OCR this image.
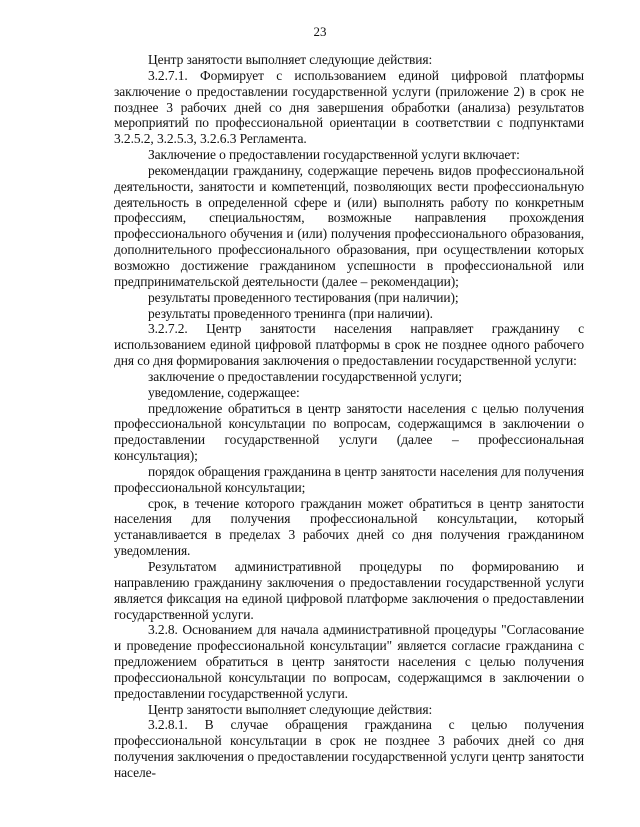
23

Центр занятости выполняет следующие действия:

3.2.7.1. Формирует с использованием единой цифровой платформы заключение о предоставлении государственной услуги (приложение 2) в срок не позднее 3 рабочих дней со дня завершения обработки (анализа) результатов мероприятий по профессиональной ориентации в соответствии с подпунктами 3.2.5.2, 3.2.5.3, 3.2.6.3 Регламента.

Заключение о предоставлении государственной услуги включает:

рекомендации гражданину, содержащие перечень видов профессиональной деятельности, занятости и компетенций, позволяющих вести профессиональную деятельность в определенной сфере и (или) выполнять работу по конкретным профессиям, специальностям, возможные направления прохождения профессионального обучения и (или) получения профессионального образования, дополнительного профессионального образования, при осуществлении которых возможно достижение гражданином успешности в профессиональной или предпринимательской деятельности (далее – рекомендации);

результаты проведенного тестирования (при наличии);

результаты проведенного тренинга (при наличии).

3.2.7.2. Центр занятости населения направляет гражданину с использованием единой цифровой платформы в срок не позднее одного рабочего дня со дня формирования заключения о предоставлении государственной услуги:

заключение о предоставлении государственной услуги;

уведомление, содержащее:

предложение обратиться в центр занятости населения с целью получения профессиональной консультации по вопросам, содержащимся в заключении о предоставлении государственной услуги (далее – профессиональная консультация);

порядок обращения гражданина в центр занятости населения для получения профессиональной консультации;

срок, в течение которого гражданин может обратиться в центр занятости населения для получения профессиональной консультации, который устанавливается в пределах 3 рабочих дней со дня получения гражданином уведомления.

Результатом административной процедуры по формированию и направлению гражданину заключения о предоставлении государственной услуги является фиксация на единой цифровой платформе заключения о предоставлении государственной услуги.

3.2.8. Основанием для начала административной процедуры "Согласование и проведение профессиональной консультации" является согласие гражданина с предложением обратиться в центр занятости населения с целью получения профессиональной консультации по вопросам, содержащимся в заключении о предоставлении государственной услуги.

Центр занятости выполняет следующие действия:

3.2.8.1. В случае обращения гражданина с целью получения профессиональной консультации в срок не позднее 3 рабочих дней со дня получения заключения о предоставлении государственной услуги центр занятости населе-
